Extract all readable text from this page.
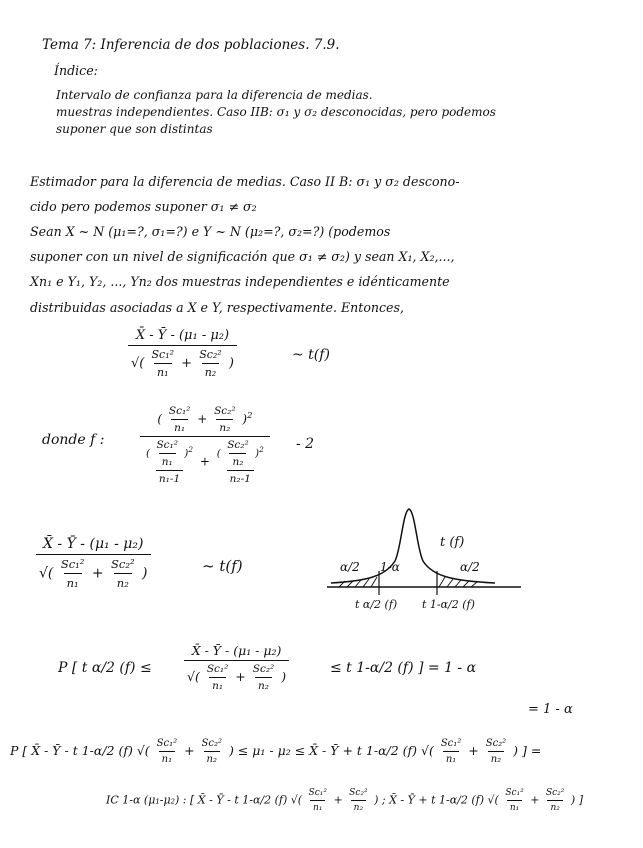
Tema 7: Inferencia de dos poblaciones. 7.9.
Índice:
Intervalo de confianza para la diferencia de medias.
muestras independientes. Caso IIB: σ₁ y σ₂ desconocidas, pero podemos
suponer que son distintas
Estimador para la diferencia de medias. Caso II B: σ₁ y σ₂ descono-
cido pero podemos suponer σ₁ ≠ σ₂
Sean X ~ N (μ₁=?, σ₁=?) e Y ~ N (μ₂=?, σ₂=?) (podemos
suponer con un nivel de significación que σ₁ ≠ σ₂) y sean X₁, X₂,...,
Xn₁ e Y₁, Y₂, ..., Yn₂ dos muestras independientes e idénticamente
distribuidas asociadas a X e Y, respectivamente. Entonces,
$\frac{\text{X̄ - Ȳ - (μ₁ - μ₂)}}{√( \frac{\text{Sc₁²}}{\text{n₁}} + \frac{\text{Sc₂²}}{\text{n₂}} )}$	~ t(f)
donde f :
( $\frac{\text{Sc₁²}}{\text{n₁}} + \frac{\text{Sc₂²}}{\text{n₂}} )^2$
$\frac{( \frac{\text{Sc₁²}}{\text{n₁}} )^2}{\text{n₁-1}} + \frac{( \frac{\text{Sc₂²}}{\text{n₂}} )^2}{\text{n₂-1}} - 2$
$\frac{\text{X̄ - Ȳ - (μ₁ - μ₂)}}{√( \frac{\text{Sc₁²}}{\text{n₁}} + \frac{\text{Sc₂²}}{\text{n₂}} )}$	~ t(f)
t (f)
α/2 1-α	α/2
t α/2 (f) t 1-α/2 (f)
P [ t α/2 (f) ≤	$\frac{\text{X̄ - Ȳ - (μ₁ - μ₂)}}{√( \frac{\text{Sc₁²}}{\text{n₁}} + \frac{\text{Sc₂²}}{\text{n₂}} )}$	≤ t 1-α/2 (f) ] = 1 - α
= 1 - α
P [ X̄ - Ȳ - t 1-α/2 (f) √( $\frac{\text{Sc₁²}}{\text{n₁}} + \frac{\text{Sc₂²}}{\text{n₂}}$ ) ≤ μ₁ - μ₂ ≤ X̄ - Ȳ + t 1-α/2 (f) √( $\frac{\text{Sc₁²}}{\text{n₁}} + \frac{\text{Sc₂²}}{\text{n₂}}$ ) ] =
IC 1-α (μ₁-μ₂) : [ X̄ - Ȳ - t 1-α/2 (f) √( $\frac{\text{Sc₁²}}{\text{n₁}} + \frac{\text{Sc₂²}}{\text{n₂}}$ ) ; X̄ - Ȳ + t 1-α/2 (f) √( $\frac{\text{Sc₁²}}{\text{n₁}} + \frac{\text{Sc₂²}}{\text{n₂}}$ ) ]
